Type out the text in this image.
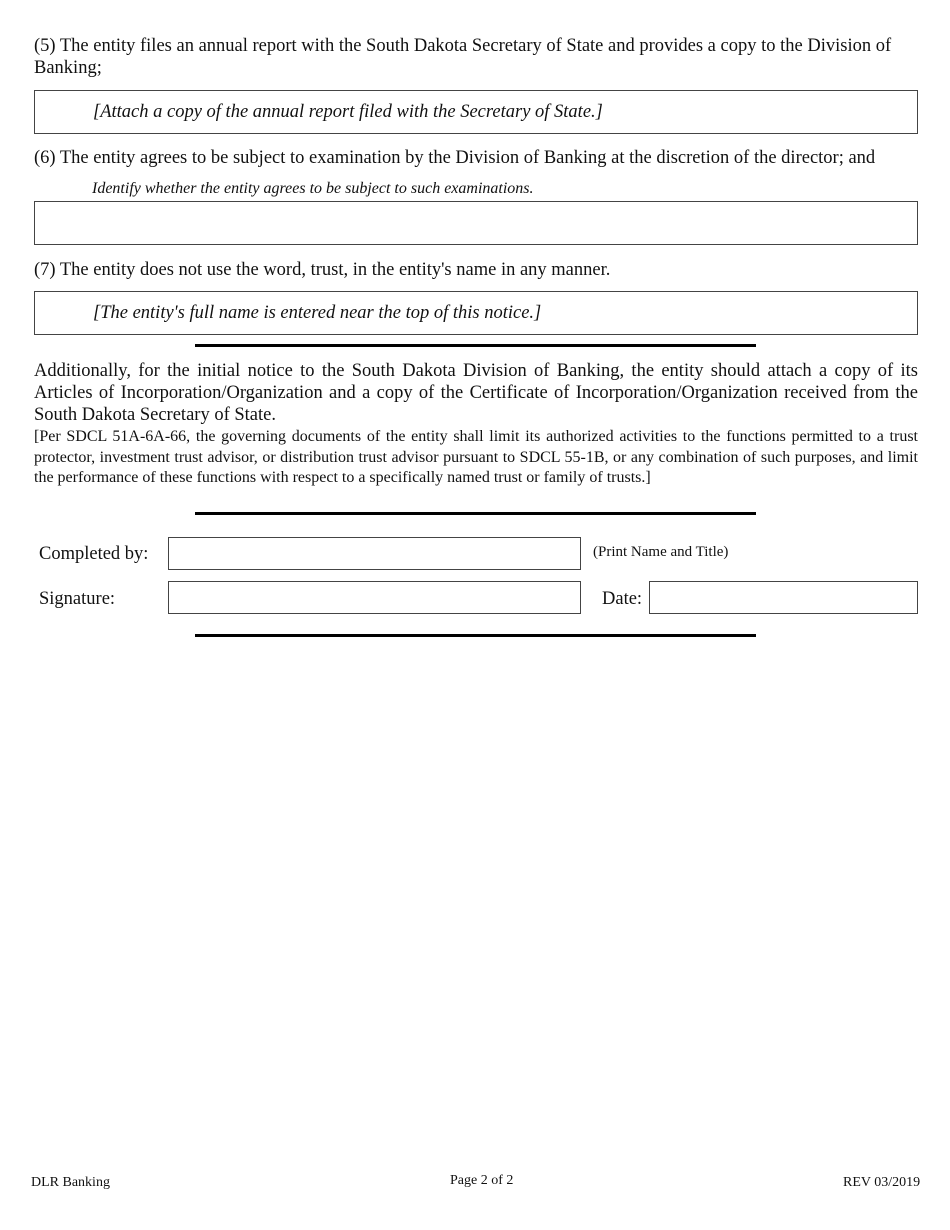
(5) The entity files an annual report with the South Dakota Secretary of State and provides a copy to the Division of Banking;
[Attach a copy of the annual report filed with the Secretary of State.]
(6) The entity agrees to be subject to examination by the Division of Banking at the discretion of the director; and
Identify whether the entity agrees to be subject to such examinations.
(7) The entity does not use the word, trust, in the entity's name in any manner.
[The entity's full name is entered near the top of this notice.]
Additionally, for the initial notice to the South Dakota Division of Banking, the entity should attach a copy of its Articles of Incorporation/Organization and a copy of the Certificate of Incorporation/Organization received from the South Dakota Secretary of State.
[Per SDCL 51A-6A-66, the governing documents of the entity shall limit its authorized activities to the functions permitted to a trust protector, investment trust advisor, or distribution trust advisor pursuant to SDCL 55-1B, or any combination of such purposes, and limit the performance of these functions with respect to a specifically named trust or family of trusts.]
Completed by:	(Print Name and Title)
Signature:	Date:
DLR Banking	Page 2 of 2	REV 03/2019
